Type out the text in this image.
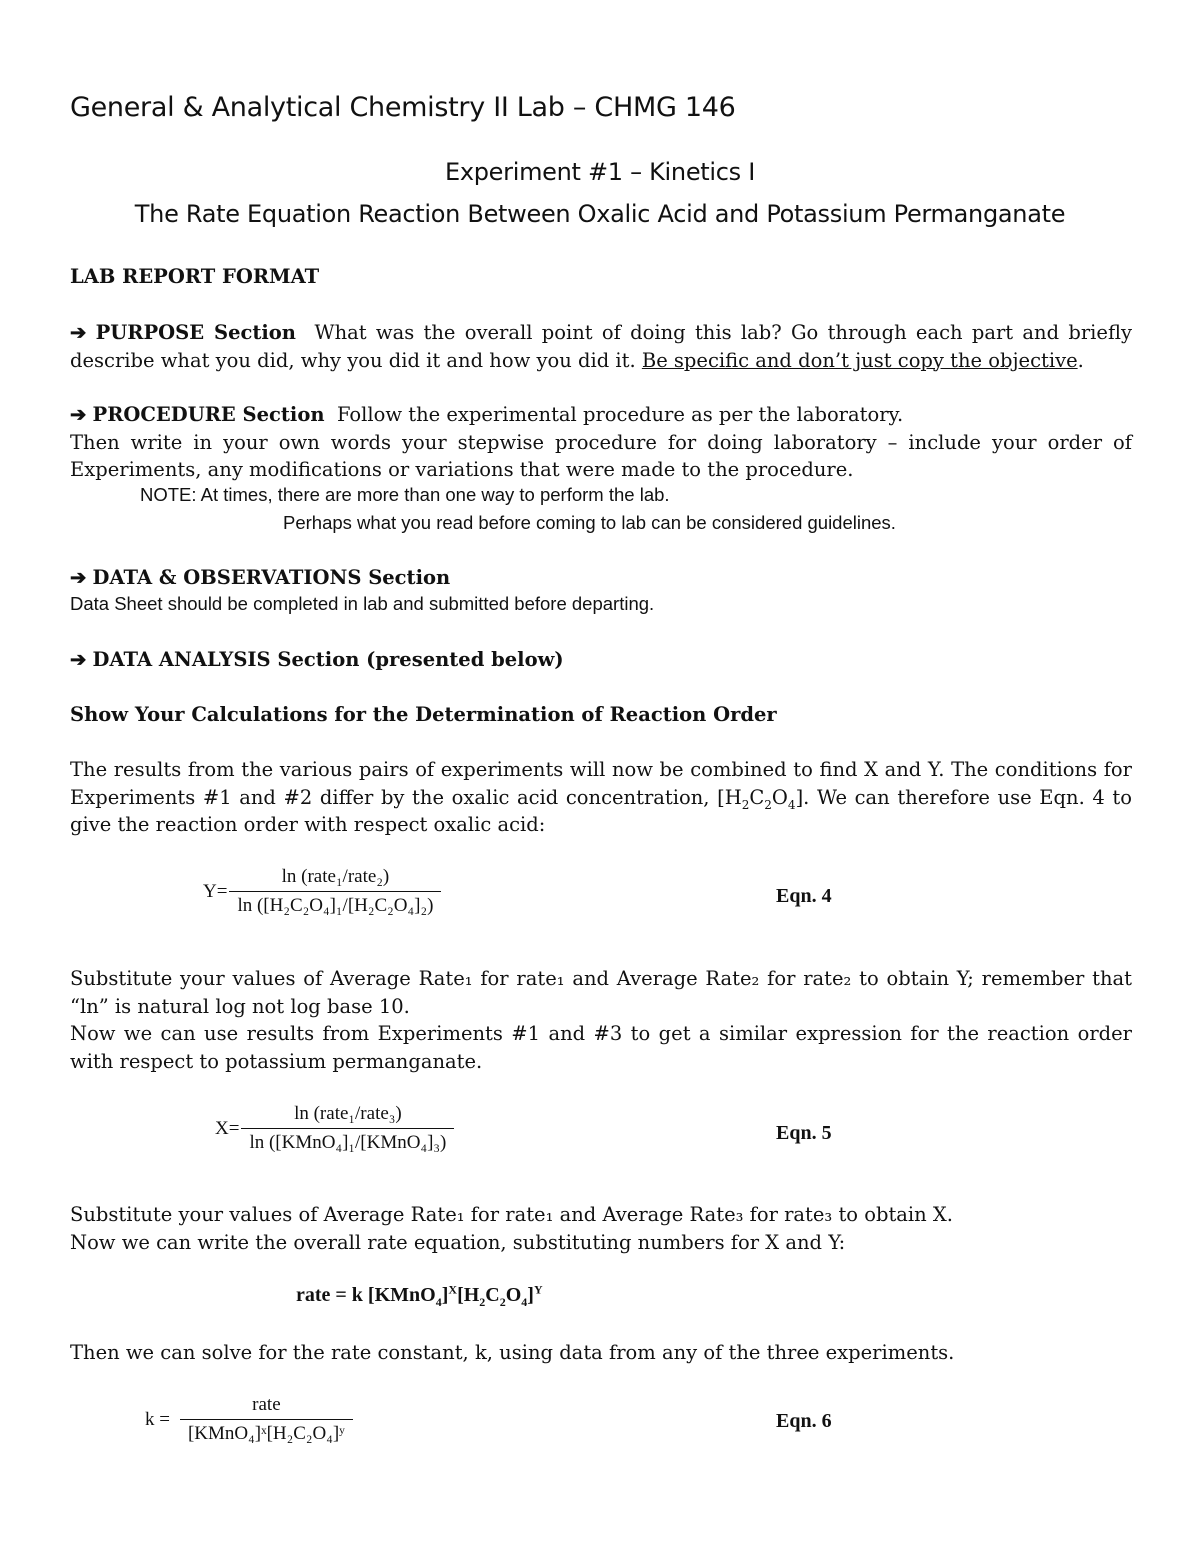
General & Analytical Chemistry II Lab – CHMG 146
Experiment #1 – Kinetics I
The Rate Equation Reaction Between Oxalic Acid and Potassium Permanganate
LAB REPORT FORMAT
➔ PURPOSE Section What was the overall point of doing this lab? Go through each part and briefly describe what you did, why you did it and how you did it. Be specific and don’t just copy the objective.
➔ PROCEDURE Section Follow the experimental procedure as per the laboratory.
Then write in your own words your stepwise procedure for doing laboratory – include your order of Experiments, any modifications or variations that were made to the procedure.
NOTE: At times, there are more than one way to perform the lab.
Perhaps what you read before coming to lab can be considered guidelines.
➔ DATA & OBSERVATIONS Section
Data Sheet should be completed in lab and submitted before departing.
➔ DATA ANALYSIS Section (presented below)
Show Your Calculations for the Determination of Reaction Order
The results from the various pairs of experiments will now be combined to find X and Y. The conditions for Experiments #1 and #2 differ by the oxalic acid concentration, $[H_2C_2O_4]$. We can therefore use Eqn. 4 to give the reaction order with respect oxalic acid:
$Y= \frac{\text{ln (rate₁/rate₂)}}{\text{ln ([H₂C₂O₄]₁/[H₂C₂O₄]₂)}}$	Eqn. 4
Substitute your values of Average Rate₁ for rate₁ and Average Rate₂ for rate₂ to obtain Y; remember that “ln” is natural log not log base 10.
Now we can use results from Experiments #1 and #3 to get a similar expression for the reaction order with respect to potassium permanganate.
$X= \frac{\text{ln (rate₁/rate₃)}}{\text{ln ([KMnO₄]₁/[KMnO₄]₃)}}$	Eqn. 5
Substitute your values of Average Rate₁ for rate₁ and Average Rate₃ for rate₃ to obtain X.
Now we can write the overall rate equation, substituting numbers for X and Y:
rate = k $[KMnO_4]^X[H_2C_2O_4]^Y$
Then we can solve for the rate constant, k, using data from any of the three experiments.
$k = \frac{\text{rate}}{\text{[KMnO₄]ˣ[H₂C₂O₄]ʸ}}$	Eqn. 6
